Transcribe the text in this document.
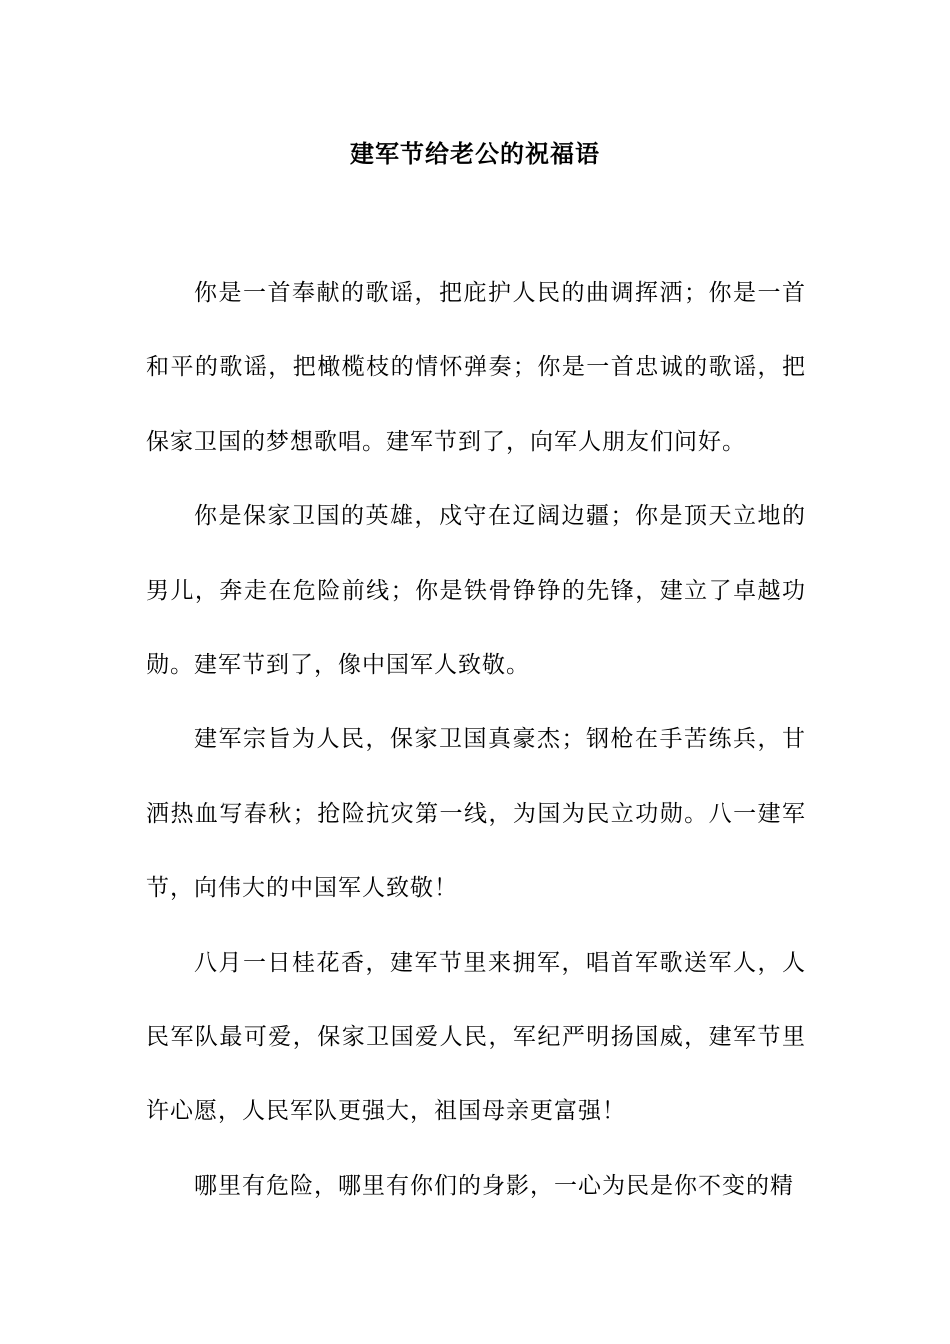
建军节给老公的祝福语

你是一首奉献的歌谣，把庇护人民的曲调挥洒；你是一首和平的歌谣，把橄榄枝的情怀弹奏；你是一首忠诚的歌谣，把保家卫国的梦想歌唱。建军节到了，向军人朋友们问好。

你是保家卫国的英雄，戍守在辽阔边疆；你是顶天立地的男儿，奔走在危险前线；你是铁骨铮铮的先锋，建立了卓越功勋。建军节到了，像中国军人致敬。

建军宗旨为人民，保家卫国真豪杰；钢枪在手苦练兵，甘洒热血写春秋；抢险抗灾第一线，为国为民立功勋。八一建军节，向伟大的中国军人致敬！

八月一日桂花香，建军节里来拥军，唱首军歌送军人，人民军队最可爱，保家卫国爱人民，军纪严明扬国威，建军节里许心愿，人民军队更强大，祖国母亲更富强！

哪里有危险，哪里有你们的身影，一心为民是你不变的精
